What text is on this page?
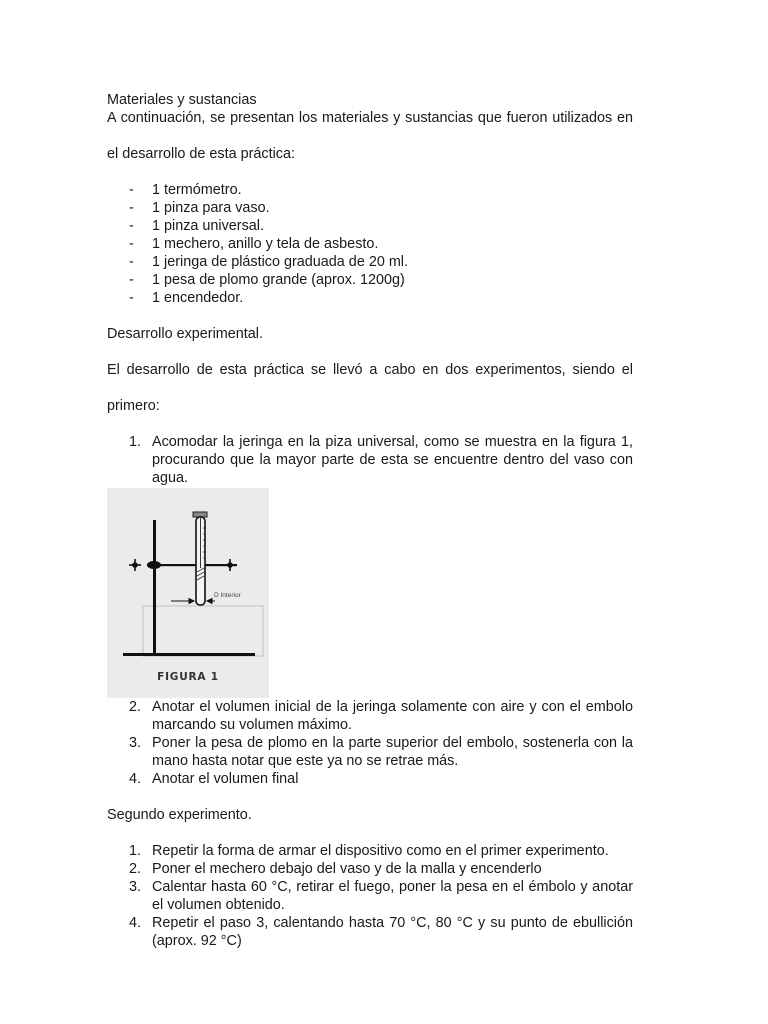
Materiales y sustancias

A continuación, se presentan los materiales y sustancias que fueron utilizados en

el desarrollo de esta práctica:

- 1 termómetro.
- 1 pinza para vaso.
- 1 pinza universal.
- 1 mechero, anillo y tela de asbesto.
- 1 jeringa de plástico graduada de 20 ml.
- 1 pesa de plomo grande (aprox. 1200g)
- 1 encendedor.

Desarrollo experimental.

El desarrollo de esta práctica se llevó a cabo en dos experimentos, siendo el

primero:

1. Acomodar la jeringa en la piza universal, como se muestra en la figura 1, procurando que la mayor parte de esta se encuentre dentro del vaso con agua.
D Interior
FIGURA 1
2. Anotar el volumen inicial de la jeringa solamente con aire y con el embolo marcando su volumen máximo.
3. Poner la pesa de plomo en la parte superior del embolo, sostenerla con la mano hasta notar que este ya no se retrae más.
4. Anotar el volumen final

Segundo experimento.

1. Repetir la forma de armar el dispositivo como en el primer experimento.
2. Poner el mechero debajo del vaso y de la malla y encenderlo
3. Calentar hasta 60 °C, retirar el fuego, poner la pesa en el émbolo y anotar el volumen obtenido.
4. Repetir el paso 3, calentando hasta 70 °C, 80 °C y su punto de ebullición (aprox. 92 °C)
